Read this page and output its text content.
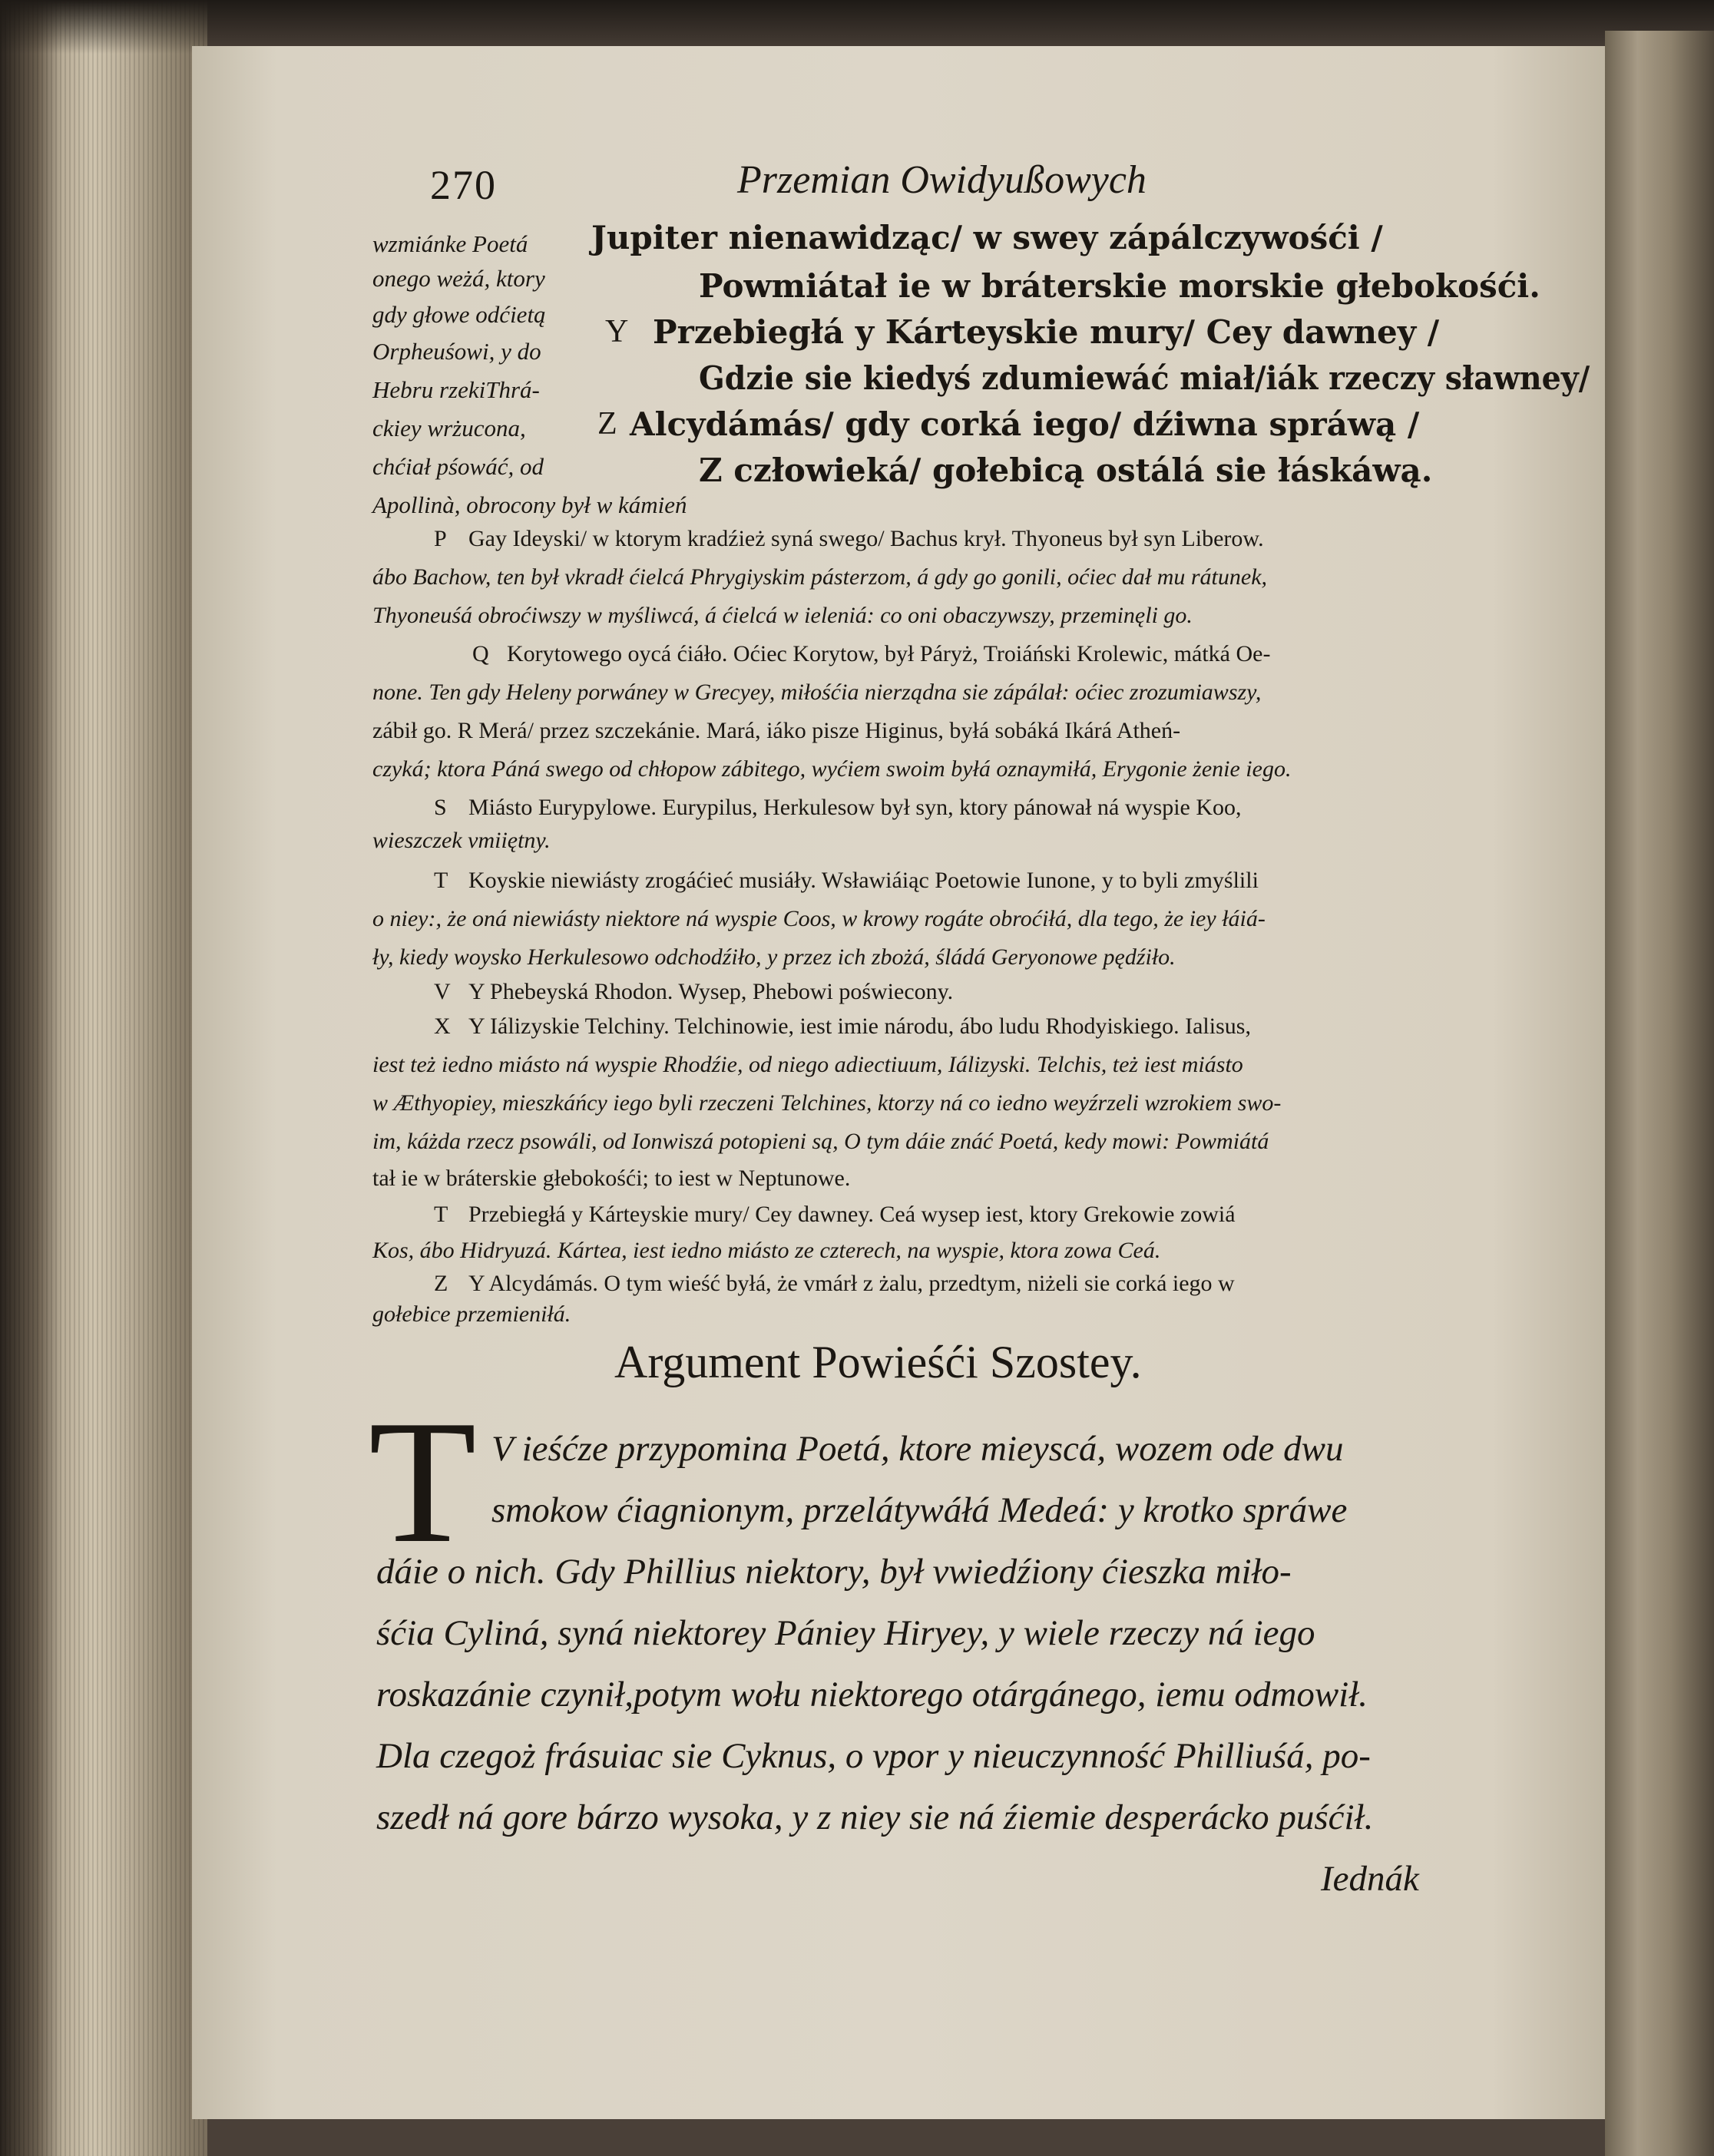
270	Przemian Owidyußowych
wzmiánke Poetá
onego weżá, ktory
gdy głowe odćietą
Orpheuśowi, y do
Hebru rzekiThrá-
ckiey wrżucona,
chćiał pśowáć, od
Apollinà, obrocony był w kámień
Jupiter nienawidząc/ w swey zápálczywośći /
Powmiátał ie w bráterskie morskie głebokośći.
Y Przebiegłá y Kárteyskie mury/ Cey dawney /
Gdzie sie kiedyś zdumiewáć miał/iák rzeczy sławney/
Z Alcydámás/ gdy corká iego/ dźiwna spráwą /
Z człowieká/ gołebicą ostálá sie łáskáwą.
P Gay Ideyski/ w ktorym kradźież syná swego/ Bachus krył. Thyoneus był syn Liberow.
ábo Bachow, ten był vkradł ćielcá Phrygiyskim pásterzom, á gdy go gonili, oćiec dał mu rátunek,
Thyoneuśá obroćiwszy w myśliwcá, á ćielcá w ieleniá: co oni obaczywszy, przeminęli go.
Q Korytowego oycá ćiáło. Oćiec Korytow, był Páryż, Troiáński Krolewic, mátká Oe-
none. Ten gdy Heleny porwáney w Grecyey, miłośćia nierządna sie zápálał: oćiec zrozumiawszy,
zábił go. R Merá/ przez szczekánie. Mará, iáko pisze Higinus, byłá sobáká Ikárá Atheń-
czyká; ktora Páná swego od chłopow zábitego, wyćiem swoim byłá oznaymiłá, Erygonie żenie iego.
S Miásto Eurypylowe. Eurypilus, Herkulesow był syn, ktory pánował ná wyspie Koo,
wieszczek vmiiętny.
T Koyskie niewiásty zrogáćieć musiáły. Wsławiáiąc Poetowie Iunone, y to byli zmyślili
o niey:, że oná niewiásty niektore ná wyspie Coos, w krowy rogáte obroćiłá, dla tego, że iey łáiá-
ły, kiedy woysko Herkulesowo odchodźiło, y przez ich zbożá, śládá Geryonowe pędźiło.
V Y Phebeyská Rhodon. Wysep, Phebowi poświecony.
X Y Iálizyskie Telchiny. Telchinowie, iest imie národu, ábo ludu Rhodyiskiego. Ialisus,
iest też iedno miásto ná wyspie Rhodźie, od niego adiectiuum, Iálizyski. Telchis, też iest miásto
w Æthyopiey, mieszkáńcy iego byli rzeczeni Telchines, ktorzy ná co iedno weyźrzeli wzrokiem swo-
im, káżda rzecz psowáli, od Ionwiszá potopieni są, O tym dáie znáć Poetá, kedy mowi: Powmiátá
tał ie w bráterskie głebokośći; to iest w Neptunowe.
T Przebiegłá y Kárteyskie mury/ Cey dawney. Ceá wysep iest, ktory Grekowie zowiá
Kos, ábo Hidryuzá. Kártea, iest iedno miásto ze czterech, na wyspie, ktora zowa Ceá.
Z Y Alcydámás. O tym wieść byłá, że vmárł z żalu, przedtym, niżeli sie corká iego w
gołebice przemieniłá.
Argument Powieśći Szostey.
T V ieśćze przypomina Poetá, ktore mieyscá, wozem ode dwu
smokow ćiagnionym, przelátywáłá Medeá: y krotko spráwe
dáie o nich. Gdy Phillius niektory, był vwiedźiony ćieszka miło-
śćia Cyliná, syná niektorey Pániey Hiryey, y wiele rzeczy ná iego
roskazánie czynił,potym wołu niektorego otárgánego, iemu odmowił.
Dla czegoż frásuiac sie Cyknus, o vpor y nieuczynność Philliuśá, po-
szedł ná gore bárzo wysoka, y z niey sie ná źiemie desperácko puśćił.
Iednák
